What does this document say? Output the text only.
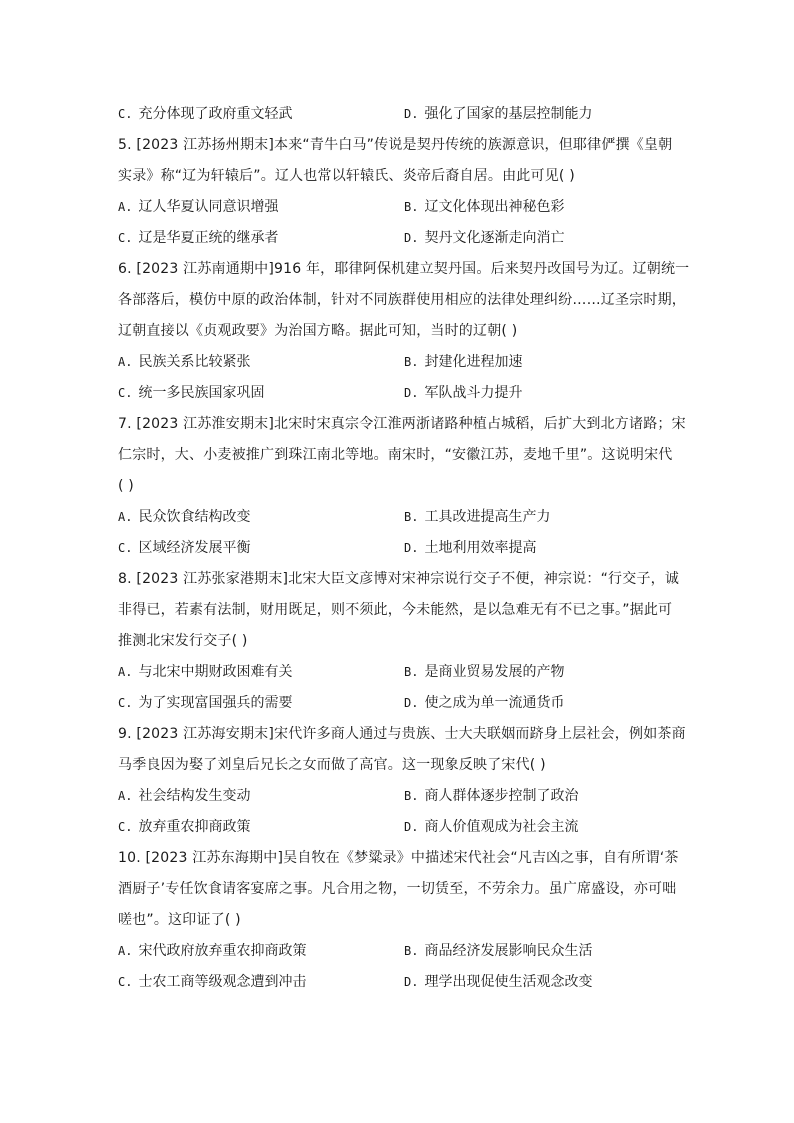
C. 充分体现了政府重文轻武	D. 强化了国家的基层控制能力
5. [2023 江苏扬州期末]本来“青牛白马”传说是契丹传统的族源意识，但耶律俨撰《皇朝
实录》称“辽为轩辕后”。辽人也常以轩辕氏、炎帝后裔自居。由此可见( )
A. 辽人华夏认同意识增强	B. 辽文化体现出神秘色彩
C. 辽是华夏正统的继承者	D. 契丹文化逐渐走向消亡
6. [2023 江苏南通期中]916 年，耶律阿保机建立契丹国。后来契丹改国号为辽。辽朝统一
各部落后，模仿中原的政治体制，针对不同族群使用相应的法律处理纠纷……辽圣宗时期，
辽朝直接以《贞观政要》为治国方略。据此可知，当时的辽朝( )
A. 民族关系比较紧张	B. 封建化进程加速
C. 统一多民族国家巩固	D. 军队战斗力提升
7. [2023 江苏淮安期末]北宋时宋真宗令江淮两浙诸路种植占城稻，后扩大到北方诸路；宋
仁宗时，大、小麦被推广到珠江南北等地。南宋时，“安徽江苏，麦地千里”。这说明宋代
( )
A. 民众饮食结构改变	B. 工具改进提高生产力
C. 区域经济发展平衡	D. 土地利用效率提高
8. [2023 江苏张家港期末]北宋大臣文彦博对宋神宗说行交子不便，神宗说：“行交子，诚
非得已，若素有法制，财用既足，则不须此，今未能然，是以急难无有不已之事。”据此可
推测北宋发行交子( )
A. 与北宋中期财政困难有关	B. 是商业贸易发展的产物
C. 为了实现富国强兵的需要	D. 使之成为单一流通货币
9. [2023 江苏海安期末]宋代许多商人通过与贵族、士大夫联姻而跻身上层社会，例如茶商
马季良因为娶了刘皇后兄长之女而做了高官。这一现象反映了宋代( )
A. 社会结构发生变动	B. 商人群体逐步控制了政治
C. 放弃重农抑商政策	D. 商人价值观成为社会主流
10. [2023 江苏东海期中]吴自牧在《梦粱录》中描述宋代社会“凡吉凶之事，自有所谓‘茶
酒厨子’专任饮食请客宴席之事。凡合用之物，一切赁至，不劳余力。虽广席盛设，亦可咄
嗟也”。这印证了( )
A. 宋代政府放弃重农抑商政策	B. 商品经济发展影响民众生活
C. 士农工商等级观念遭到冲击	D. 理学出现促使生活观念改变
